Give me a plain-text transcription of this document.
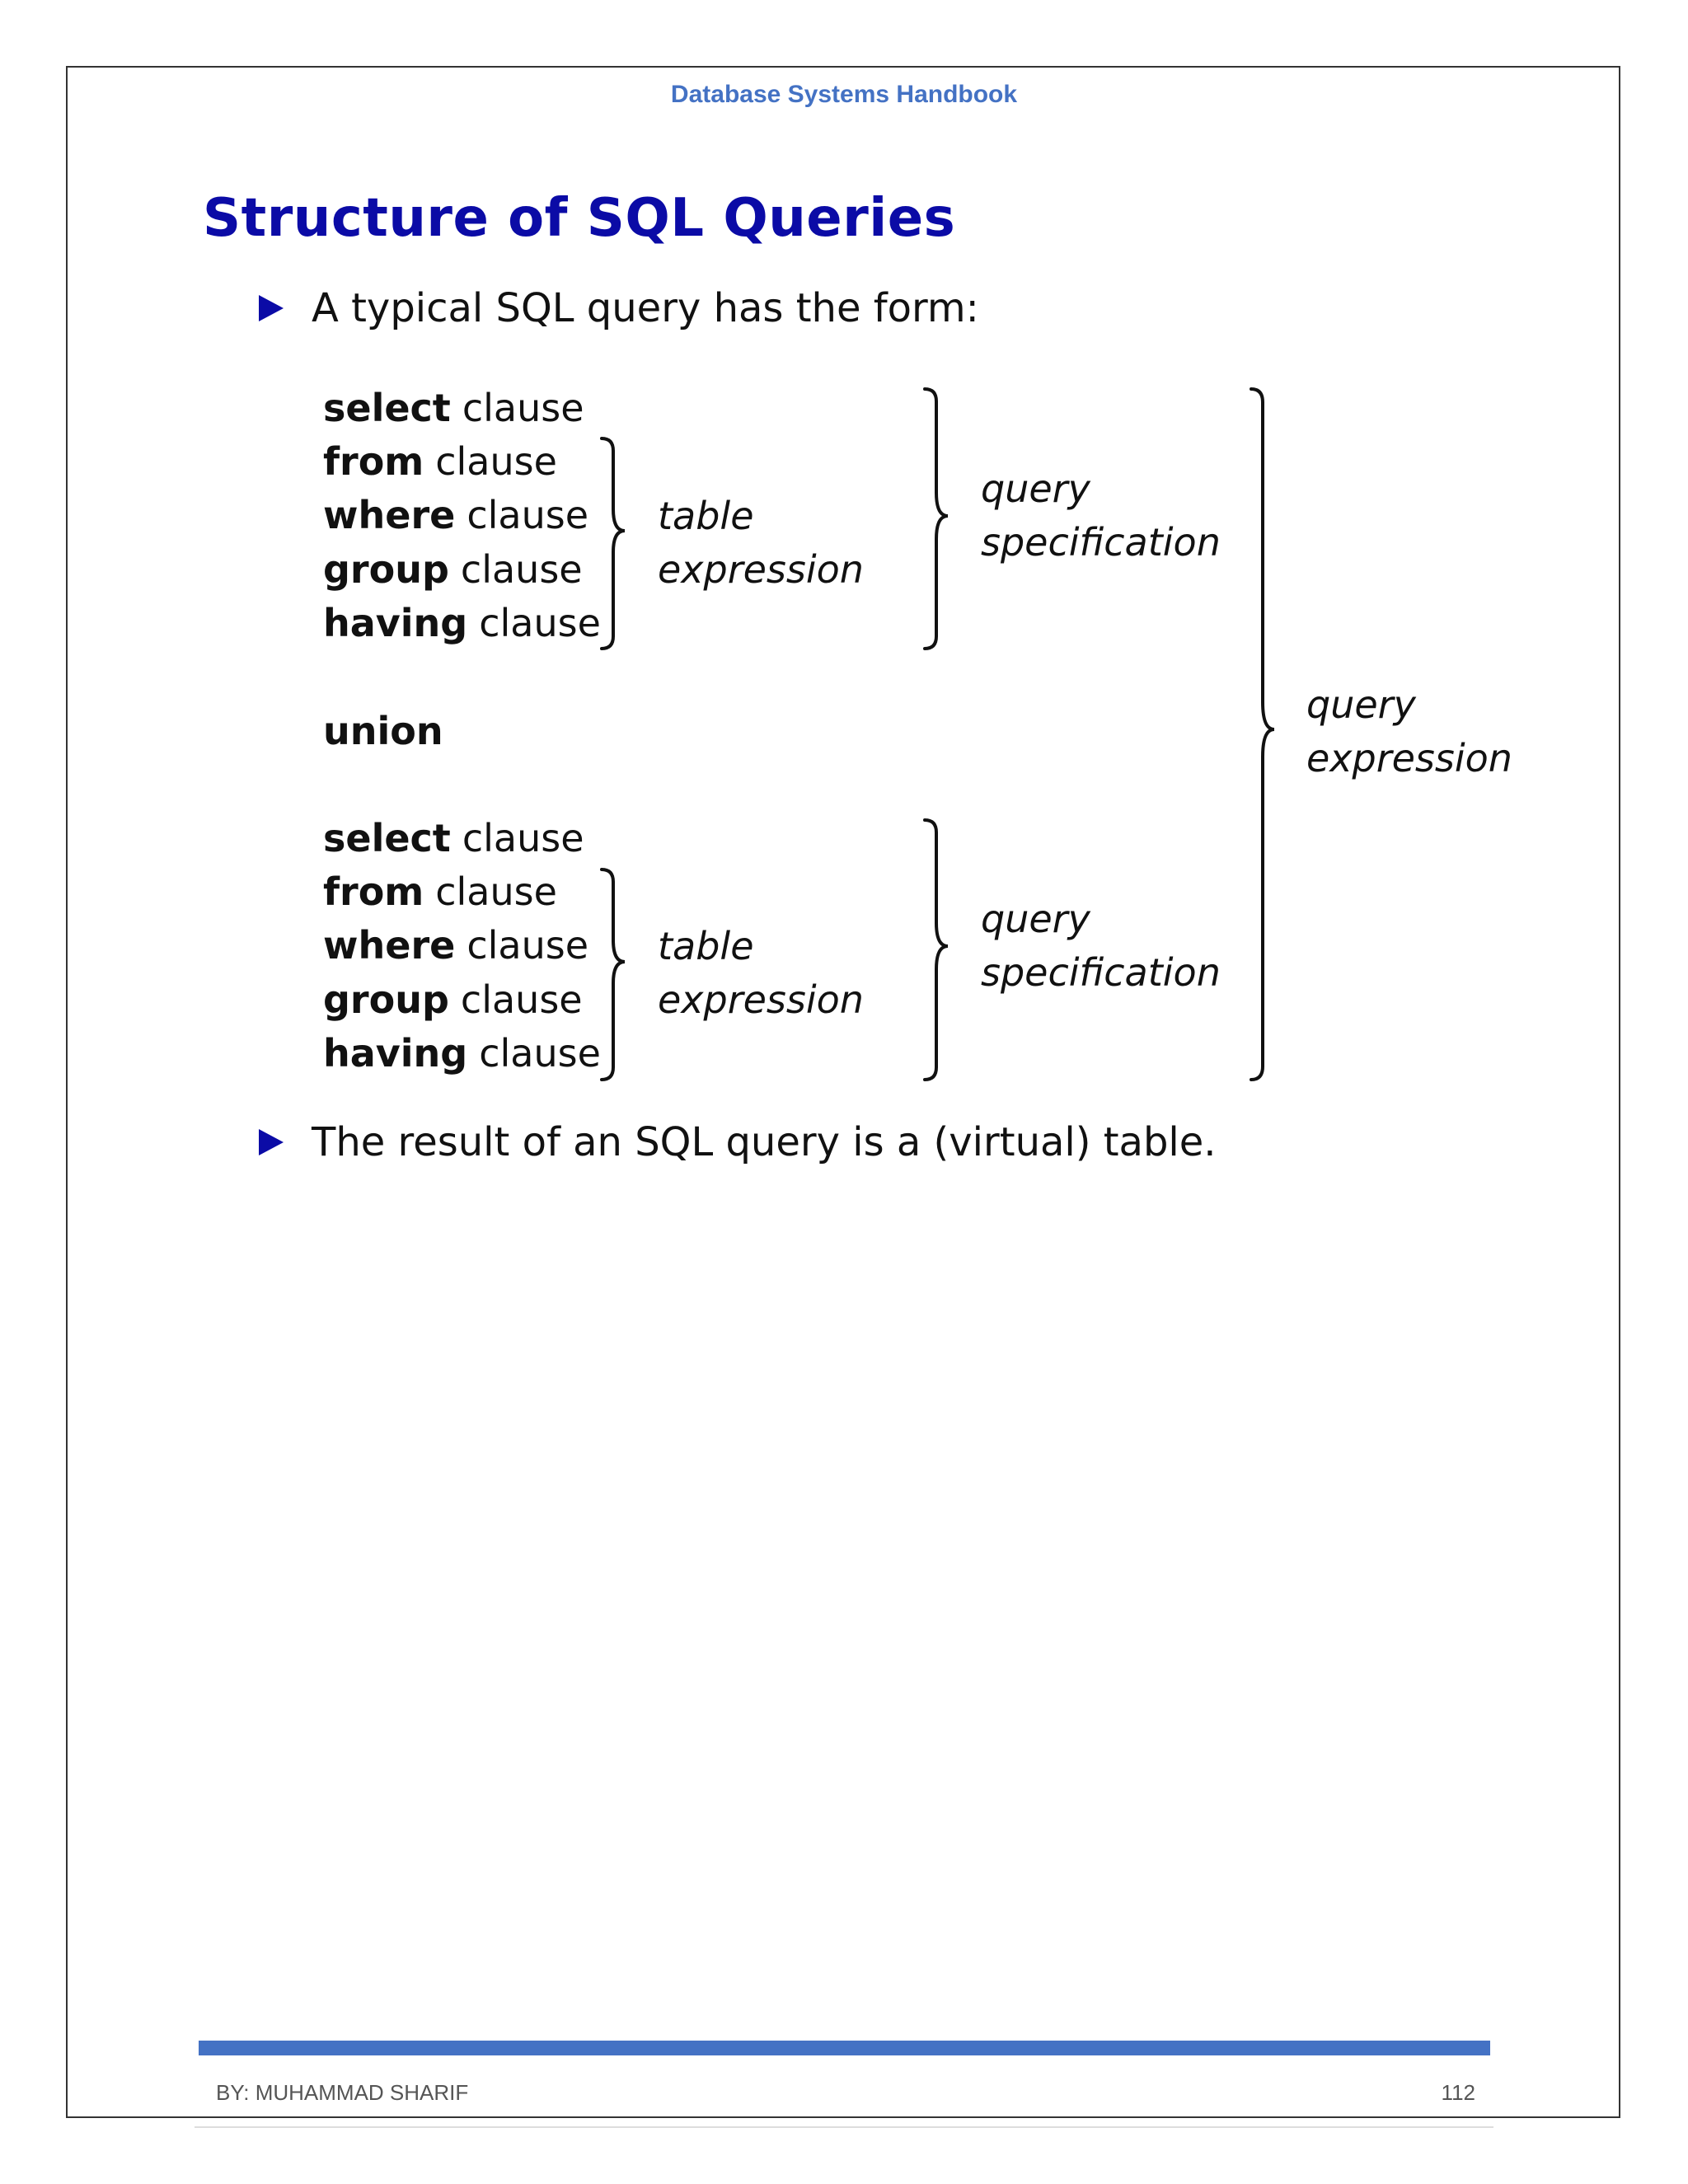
Database Systems Handbook
Structure of SQL Queries
A typical SQL query has the form:
select clause
from clause
where clause
group clause
having clause
table
expression
query
specification
union
select clause
from clause
where clause
group clause
having clause
table
expression
query
specification
query
expression
The result of an SQL query is a (virtual) table.
BY: MUHAMMAD SHARIF	112
